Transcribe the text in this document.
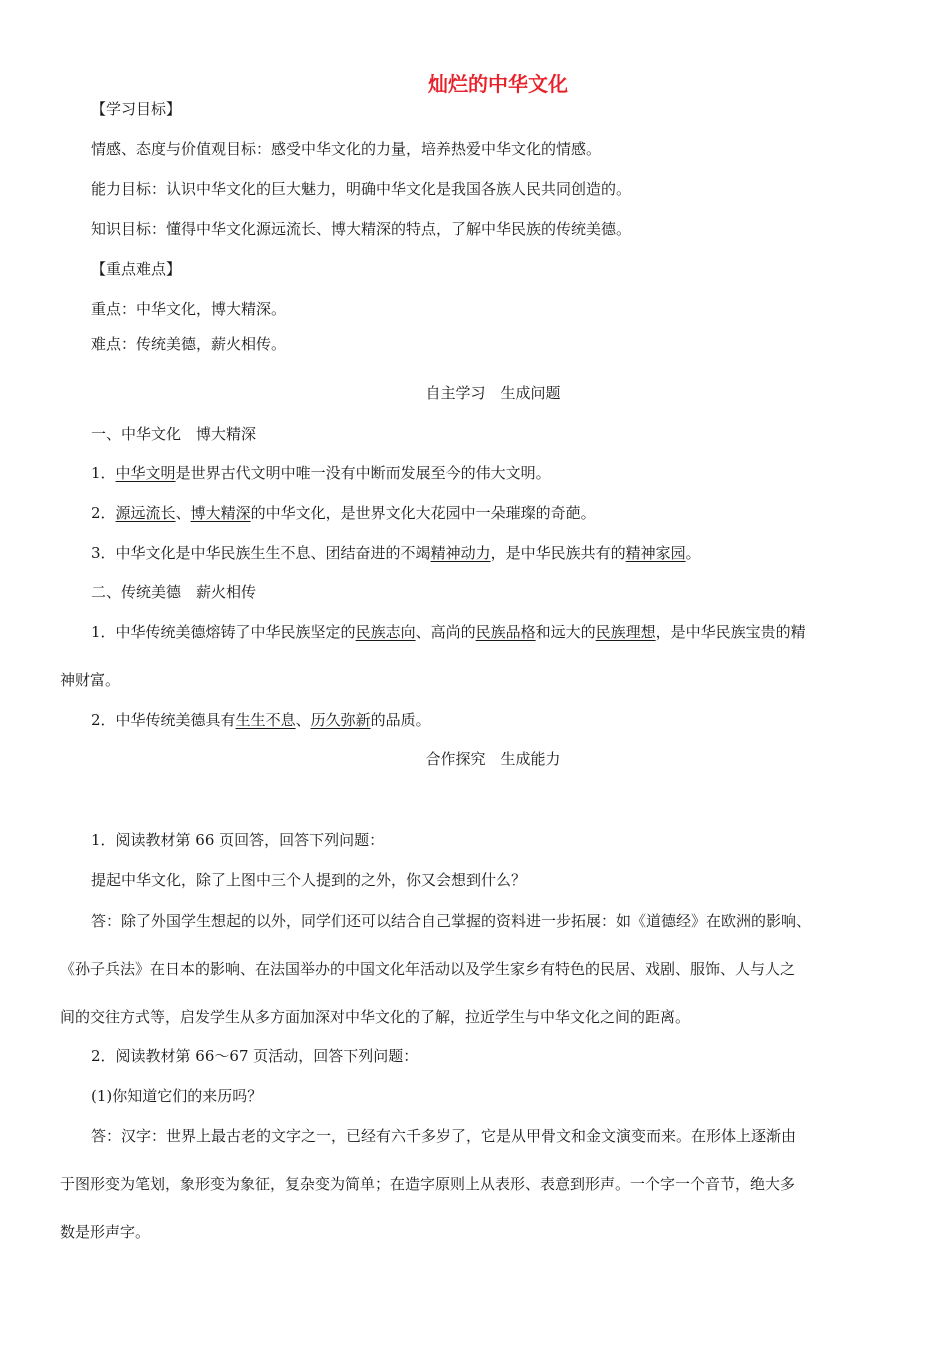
灿烂的中华文化
【学习目标】
情感、态度与价值观目标：感受中华文化的力量，培养热爱中华文化的情感。
能力目标：认识中华文化的巨大魅力，明确中华文化是我国各族人民共同创造的。
知识目标：懂得中华文化源远流长、博大精深的特点，了解中华民族的传统美德。
【重点难点】
重点：中华文化，博大精深。
难点：传统美德，薪火相传。
自主学习　生成问题
一、中华文化　博大精深
1．中华文明是世界古代文明中唯一没有中断而发展至今的伟大文明。
2．源远流长、博大精深的中华文化，是世界文化大花园中一朵璀璨的奇葩。
3．中华文化是中华民族生生不息、团结奋进的不竭精神动力，是中华民族共有的精神家园。
二、传统美德　薪火相传
1．中华传统美德熔铸了中华民族坚定的民族志向、高尚的民族品格和远大的民族理想，是中华民族宝贵的精
神财富。
2．中华传统美德具有生生不息、历久弥新的品质。
合作探究　生成能力
1．阅读教材第 66 页回答，回答下列问题：
提起中华文化，除了上图中三个人提到的之外，你又会想到什么？
答：除了外国学生想起的以外，同学们还可以结合自己掌握的资料进一步拓展：如《道德经》在欧洲的影响、
《孙子兵法》在日本的影响、在法国举办的中国文化年活动以及学生家乡有特色的民居、戏剧、服饰、人与人之
间的交往方式等，启发学生从多方面加深对中华文化的了解，拉近学生与中华文化之间的距离。
2．阅读教材第 66～67 页活动，回答下列问题：
(1)你知道它们的来历吗？
答：汉字：世界上最古老的文字之一，已经有六千多岁了，它是从甲骨文和金文演变而来。在形体上逐渐由
于图形变为笔划，象形变为象征，复杂变为简单；在造字原则上从表形、表意到形声。一个字一个音节，绝大多
数是形声字。
